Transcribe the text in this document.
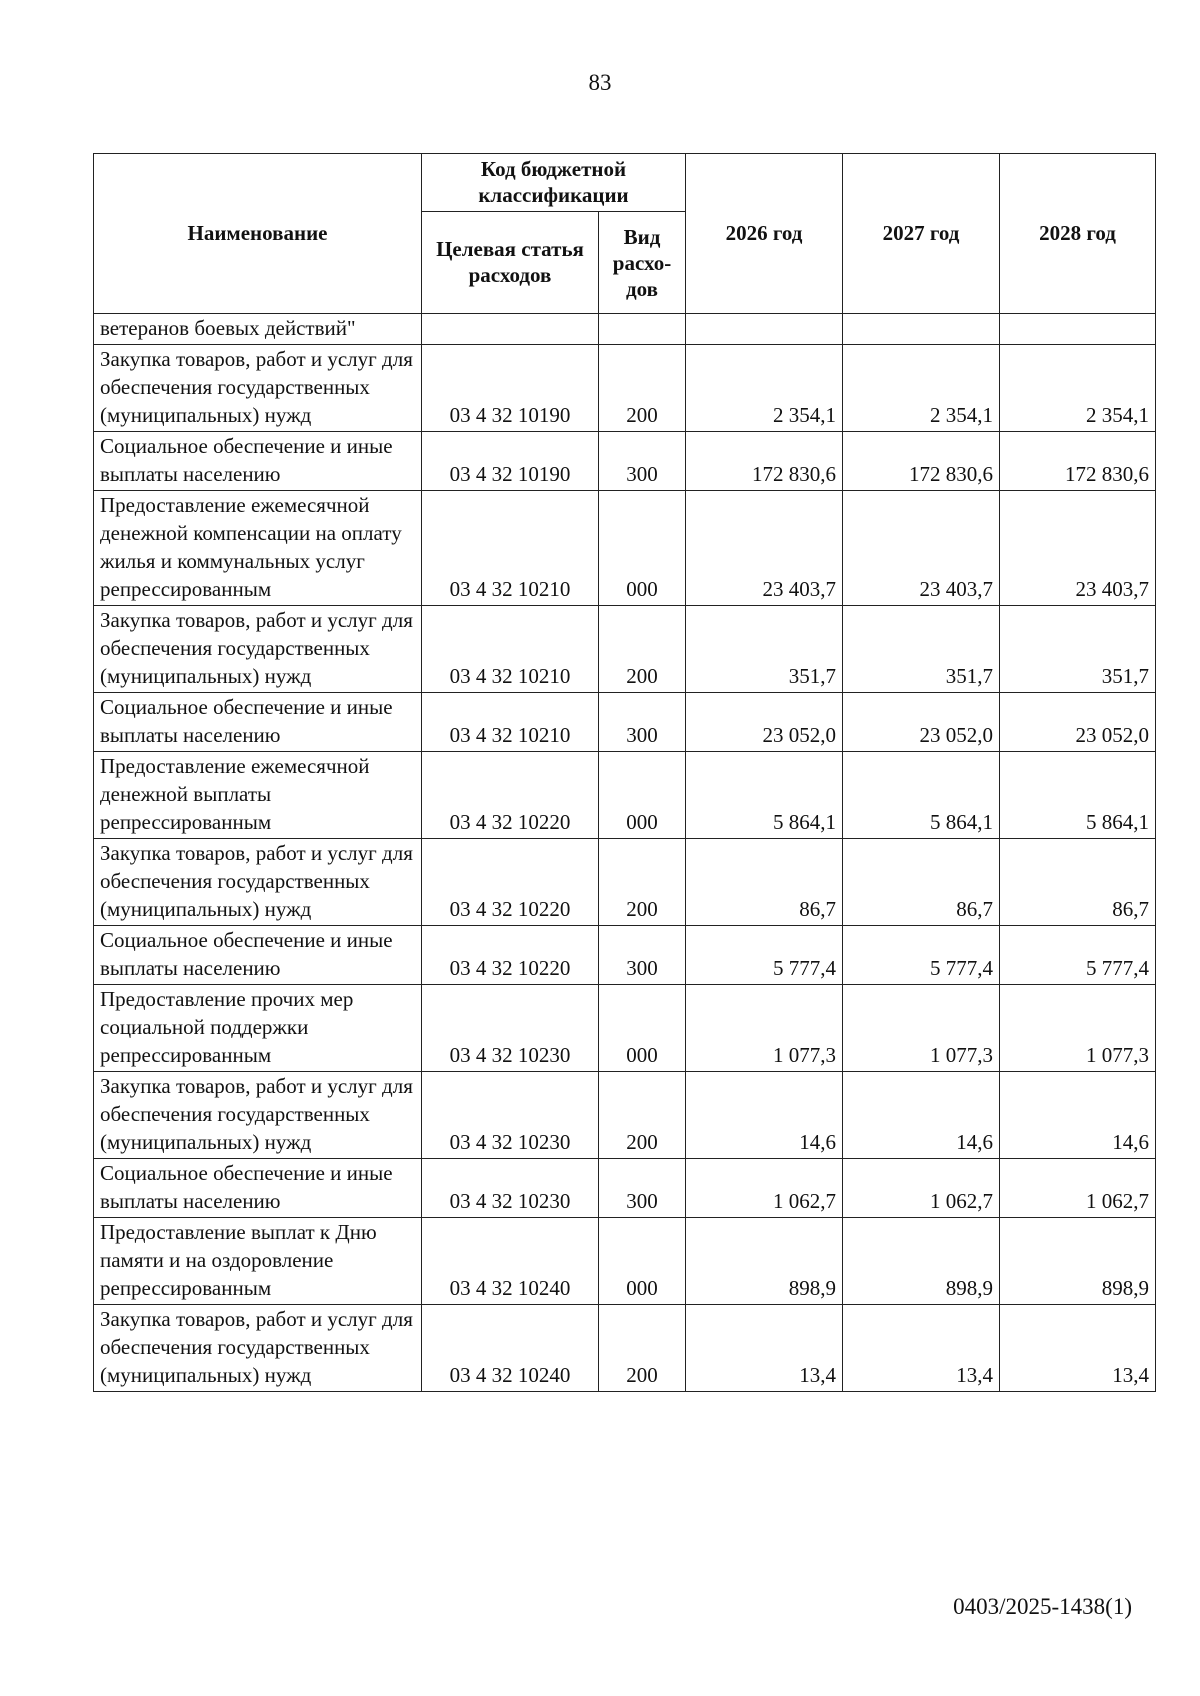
83
Наименование	Код бюджетной классификации		2026 год	2027 год	2028 год
	Целевая статья расходов	Вид расхо-дов			
ветеранов боевых действий"					
Закупка товаров, работ и услуг для обеспечения государственных (муниципальных) нужд	03 4 32 10190	200	2 354,1	2 354,1	2 354,1
Социальное обеспечение и иные выплаты населению	03 4 32 10190	300	172 830,6	172 830,6	172 830,6
Предоставление ежемесячной денежной компенсации на оплату жилья и коммунальных услуг репрессированным	03 4 32 10210	000	23 403,7	23 403,7	23 403,7
Закупка товаров, работ и услуг для обеспечения государственных (муниципальных) нужд	03 4 32 10210	200	351,7	351,7	351,7
Социальное обеспечение и иные выплаты населению	03 4 32 10210	300	23 052,0	23 052,0	23 052,0
Предоставление ежемесячной денежной выплаты репрессированным	03 4 32 10220	000	5 864,1	5 864,1	5 864,1
Закупка товаров, работ и услуг для обеспечения государственных (муниципальных) нужд	03 4 32 10220	200	86,7	86,7	86,7
Социальное обеспечение и иные выплаты населению	03 4 32 10220	300	5 777,4	5 777,4	5 777,4
Предоставление прочих мер социальной поддержки репрессированным	03 4 32 10230	000	1 077,3	1 077,3	1 077,3
Закупка товаров, работ и услуг для обеспечения государственных (муниципальных) нужд	03 4 32 10230	200	14,6	14,6	14,6
Социальное обеспечение и иные выплаты населению	03 4 32 10230	300	1 062,7	1 062,7	1 062,7
Предоставление выплат к Дню памяти и на оздоровление репрессированным	03 4 32 10240	000	898,9	898,9	898,9
Закупка товаров, работ и услуг для обеспечения государственных (муниципальных) нужд	03 4 32 10240	200	13,4	13,4	13,4
0403/2025-1438(1)
